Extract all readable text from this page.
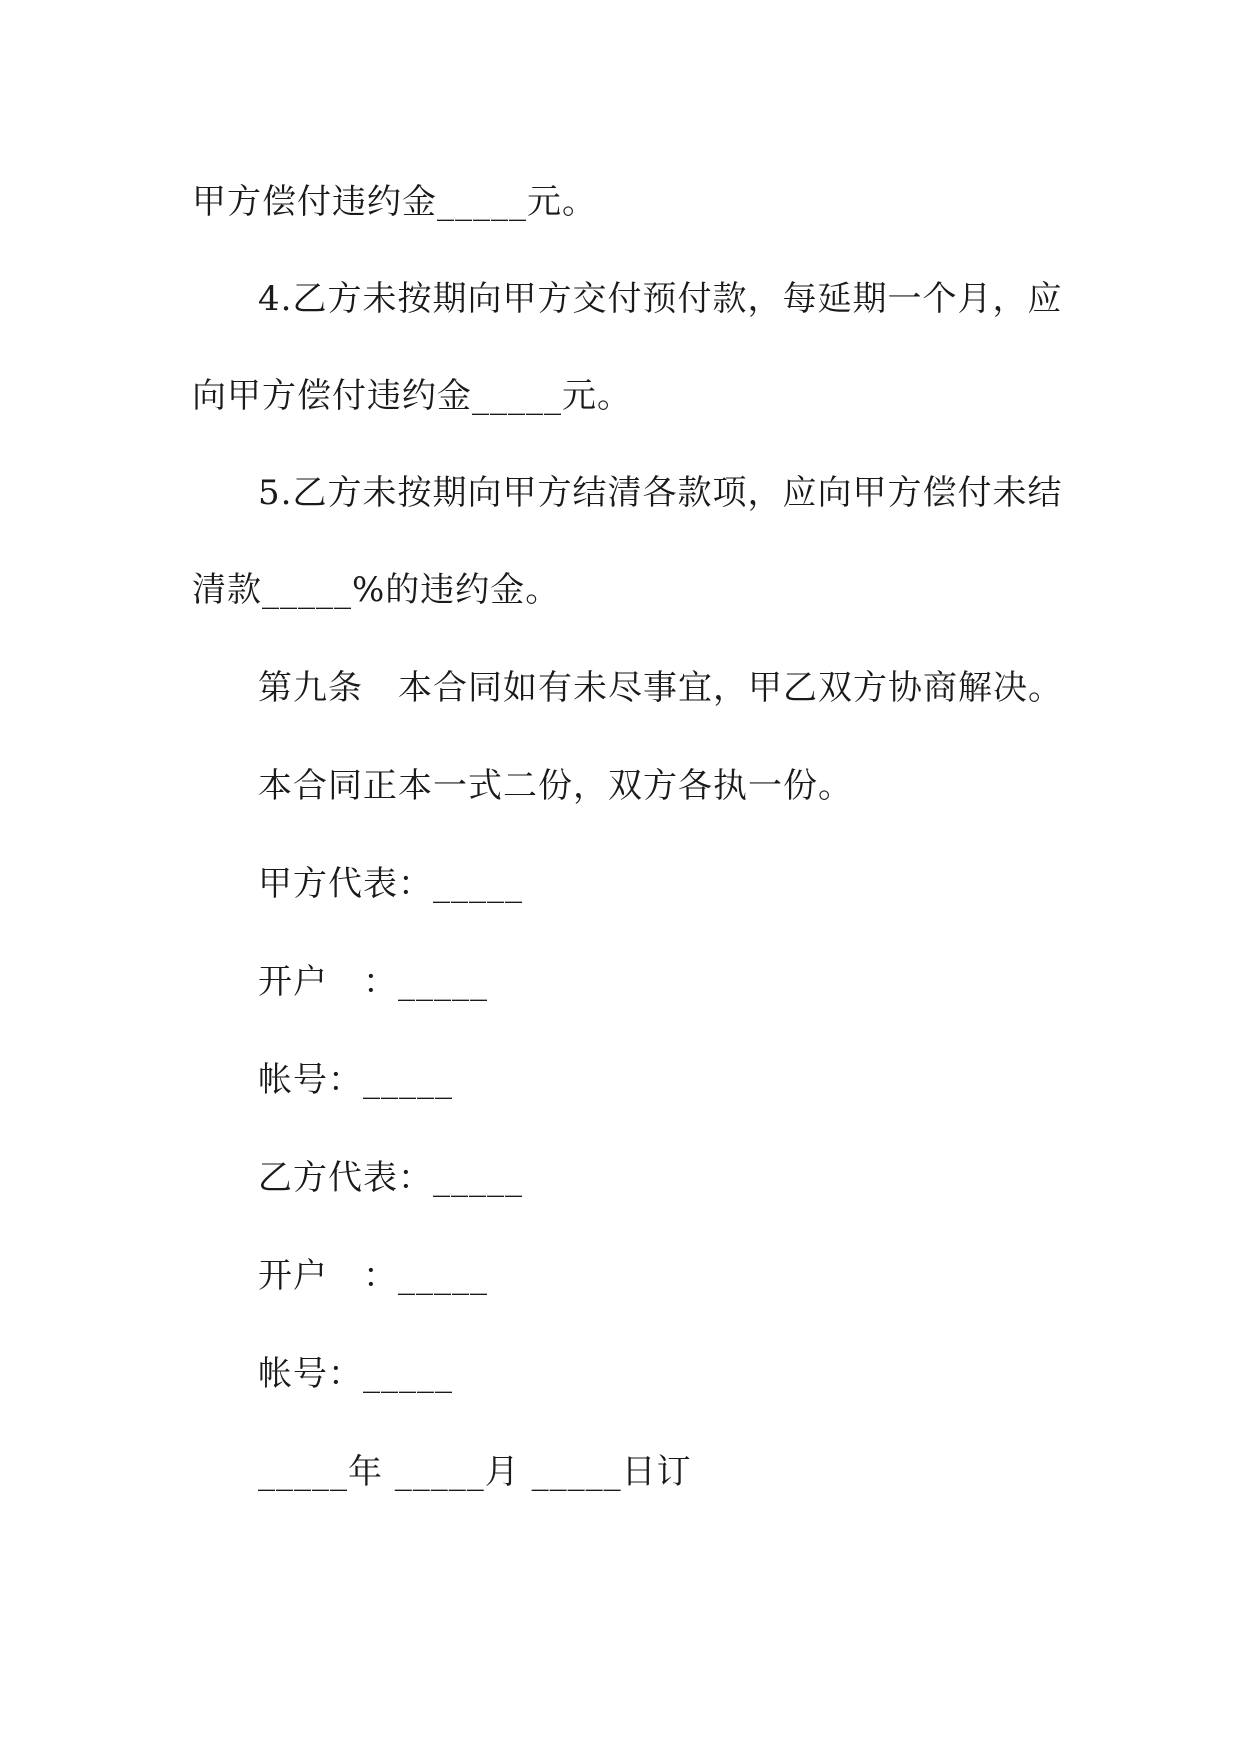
甲方偿付违约金_____元。
4.乙方未按期向甲方交付预付款，每延期一个月，应
向甲方偿付违约金_____元。
5.乙方未按期向甲方结清各款项，应向甲方偿付未结
清款_____%的违约金。
第九条　本合同如有未尽事宜，甲乙双方协商解决。
本合同正本一式二份，双方各执一份。
甲方代表：_____
开户　：_____
帐号：_____
乙方代表：_____
开户　：_____
帐号：_____
_____年 _____月 _____日订
